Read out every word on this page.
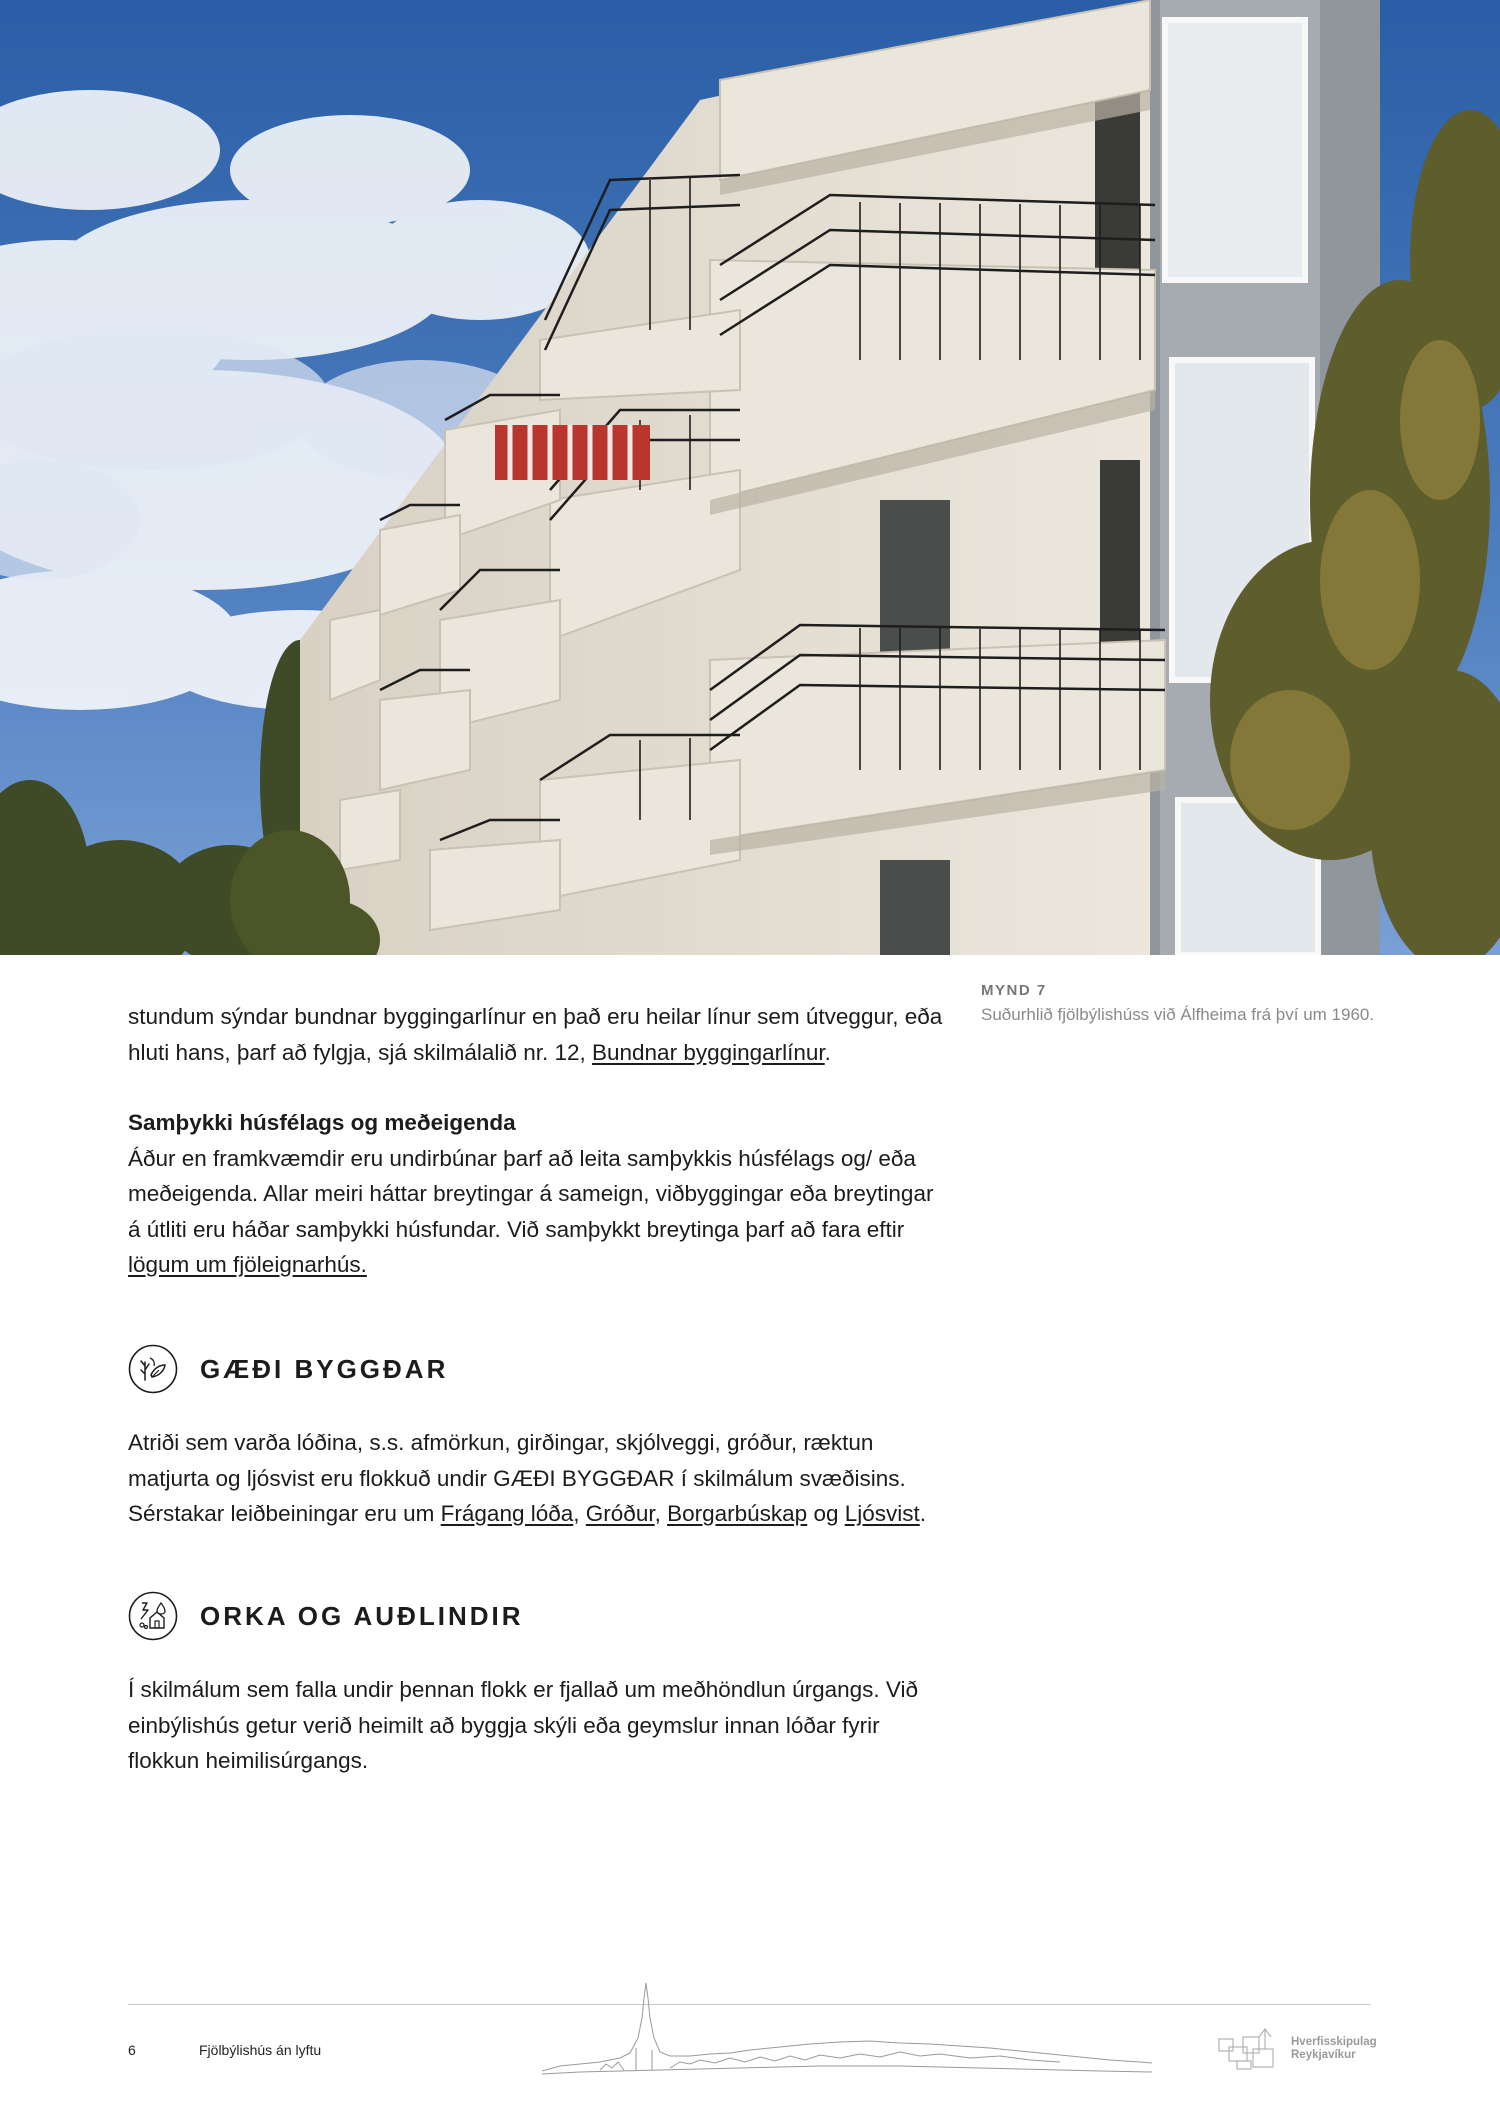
MYND 7
Suðurhlið fjölbýlishúss við Álfheima frá því um 1960.

stundum sýndar bundnar byggingarlínur en það eru heilar línur sem útveggur, eða hluti hans, þarf að fylgja, sjá skilmálalið nr. 12, Bundnar byggingarlínur.

Samþykki húsfélags og meðeigenda

Áður en framkvæmdir eru undirbúnar þarf að leita samþykkis húsfélags og/ eða meðeigenda. Allar meiri háttar breytingar á sameign, viðbyggingar eða breytingar á útliti eru háðar samþykki húsfundar. Við samþykkt breytinga þarf að fara eftir lögum um fjöleignarhús.

GÆÐI BYGGÐAR

Atriði sem varða lóðina, s.s. afmörkun, girðingar, skjólveggi, gróður, ræktun matjurta og ljósvist eru flokkuð undir GÆÐI BYGGÐAR í skilmálum svæðisins. Sérstakar leiðbeiningar eru um Frágang lóða, Gróður, Borgarbúskap og Ljósvist.

ORKA OG AUÐLINDIR

Í skilmálum sem falla undir þennan flokk er fjallað um meðhöndlun úrgangs. Við einbýlishús getur verið heimilt að byggja skýli eða geymslur innan lóðar fyrir flokkun heimilisúrgangs.

6	Fjölbýlishús án lyftu	Hverfisskipulag
Reykjavíkur
